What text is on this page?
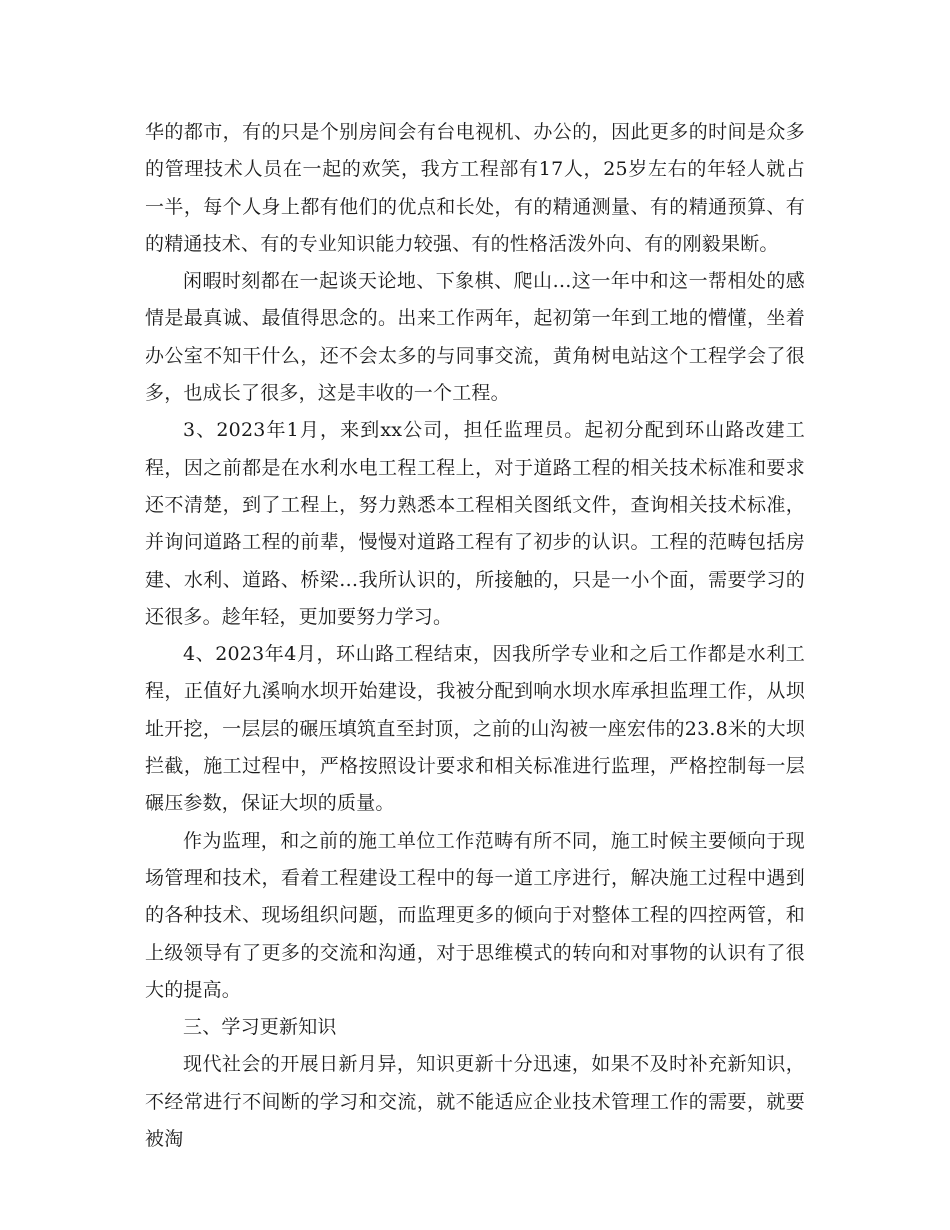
华的都市，有的只是个别房间会有台电视机、办公的，因此更多的时间是众多的管理技术人员在一起的欢笑，我方工程部有17人，25岁左右的年轻人就占一半，每个人身上都有他们的优点和长处，有的精通测量、有的精通预算、有的精通技术、有的专业知识能力较强、有的性格活泼外向、有的刚毅果断。

闲暇时刻都在一起谈天论地、下象棋、爬山…这一年中和这一帮相处的感情是最真诚、最值得思念的。出来工作两年，起初第一年到工地的懵懂，坐着办公室不知干什么，还不会太多的与同事交流，黄角树电站这个工程学会了很多，也成长了很多，这是丰收的一个工程。

3、2023年1月，来到xx公司，担任监理员。起初分配到环山路改建工程，因之前都是在水利水电工程工程上，对于道路工程的相关技术标准和要求还不清楚，到了工程上，努力熟悉本工程相关图纸文件，查询相关技术标准，并询问道路工程的前辈，慢慢对道路工程有了初步的认识。工程的范畴包括房建、水利、道路、桥梁…我所认识的，所接触的，只是一小个面，需要学习的还很多。趁年轻，更加要努力学习。

4、2023年4月，环山路工程结束，因我所学专业和之后工作都是水利工程，正值好九溪响水坝开始建设，我被分配到响水坝水库承担监理工作，从坝址开挖，一层层的碾压填筑直至封顶，之前的山沟被一座宏伟的23.8米的大坝拦截，施工过程中，严格按照设计要求和相关标准进行监理，严格控制每一层碾压参数，保证大坝的质量。

作为监理，和之前的施工单位工作范畴有所不同，施工时候主要倾向于现场管理和技术，看着工程建设工程中的每一道工序进行，解决施工过程中遇到的各种技术、现场组织问题，而监理更多的倾向于对整体工程的四控两管，和上级领导有了更多的交流和沟通，对于思维模式的转向和对事物的认识有了很大的提高。

三、学习更新知识

现代社会的开展日新月异，知识更新十分迅速，如果不及时补充新知识，不经常进行不间断的学习和交流，就不能适应企业技术管理工作的需要，就要被淘
